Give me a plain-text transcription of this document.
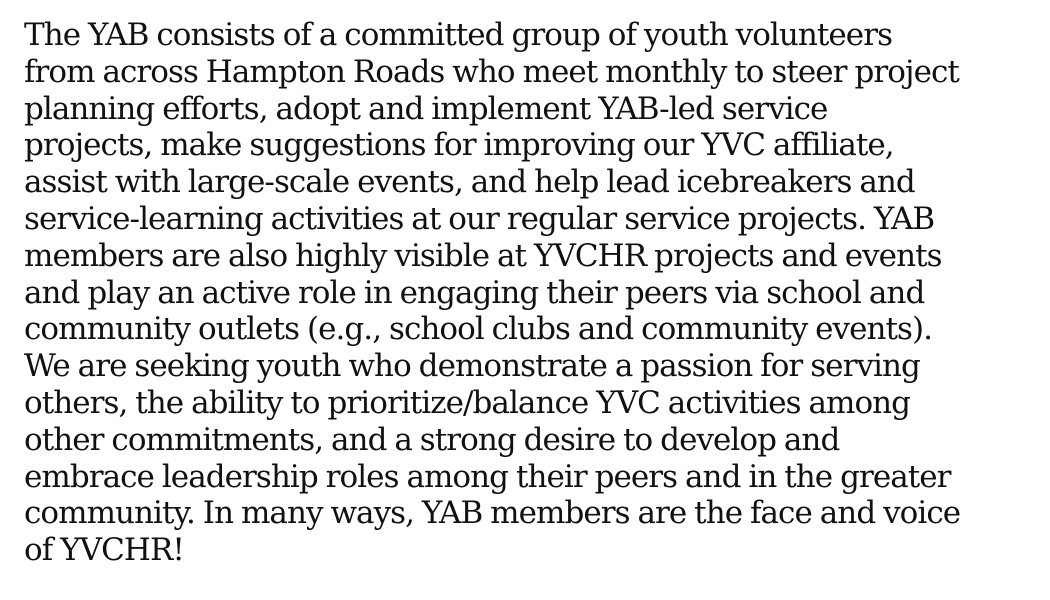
The YAB consists of a committed group of youth volunteers
from across Hampton Roads who meet monthly to steer project
planning efforts, adopt and implement YAB-led service
projects, make suggestions for improving our YVC affiliate,
assist with large-scale events, and help lead icebreakers and
service-learning activities at our regular service projects. YAB
members are also highly visible at YVCHR projects and events
and play an active role in engaging their peers via school and
community outlets (e.g., school clubs and community events).
We are seeking youth who demonstrate a passion for serving
others, the ability to prioritize/balance YVC activities among
other commitments, and a strong desire to develop and
embrace leadership roles among their peers and in the greater
community. In many ways, YAB members are the face and voice
of YVCHR!
